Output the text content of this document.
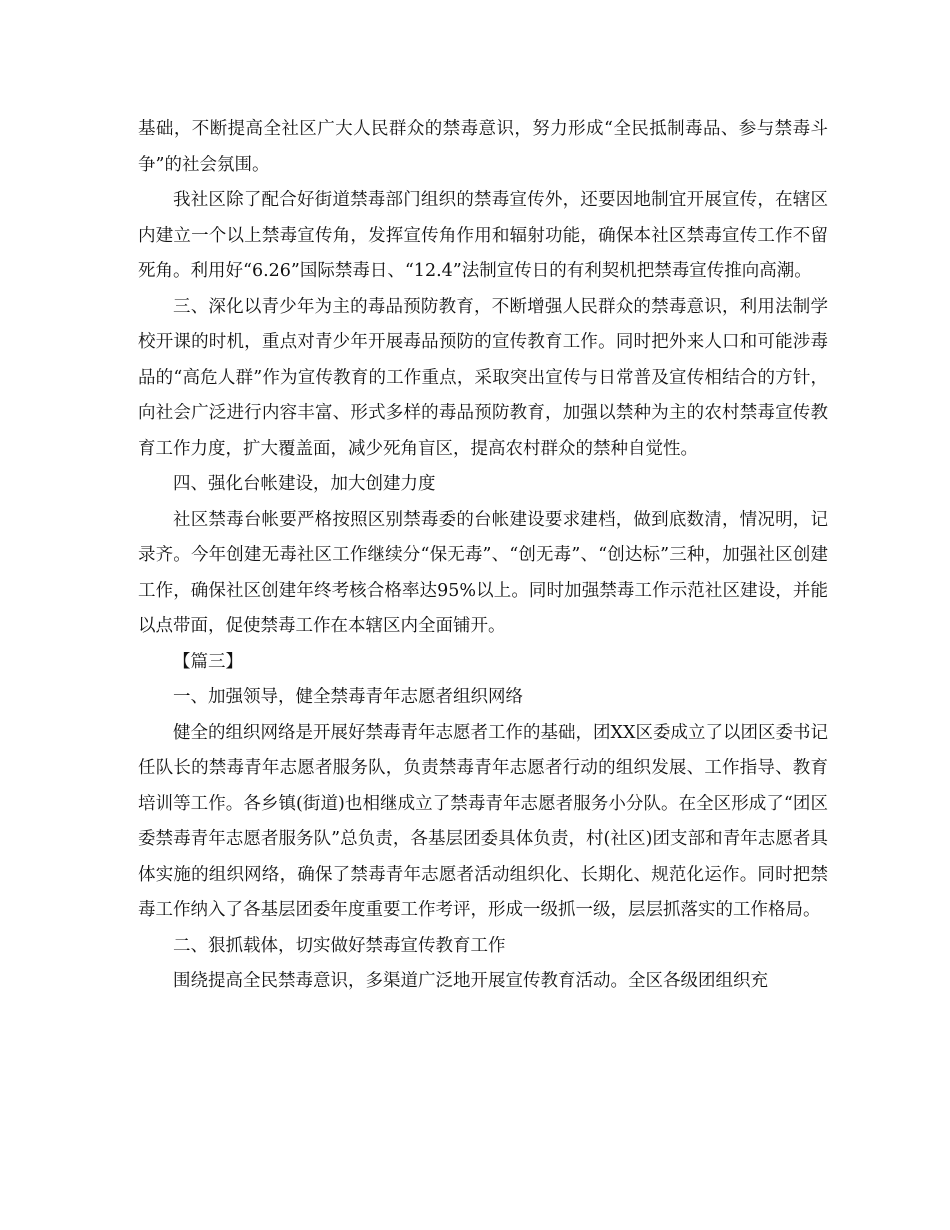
基础，不断提高全社区广大人民群众的禁毒意识，努力形成“全民抵制毒品、参与禁毒斗争”的社会氛围。

我社区除了配合好街道禁毒部门组织的禁毒宣传外，还要因地制宜开展宣传，在辖区内建立一个以上禁毒宣传角，发挥宣传角作用和辐射功能，确保本社区禁毒宣传工作不留死角。利用好“6.26”国际禁毒日、“12.4”法制宣传日的有利契机把禁毒宣传推向高潮。

三、深化以青少年为主的毒品预防教育，不断增强人民群众的禁毒意识，利用法制学校开课的时机，重点对青少年开展毒品预防的宣传教育工作。同时把外来人口和可能涉毒品的“高危人群”作为宣传教育的工作重点，采取突出宣传与日常普及宣传相结合的方针，向社会广泛进行内容丰富、形式多样的毒品预防教育，加强以禁种为主的农村禁毒宣传教育工作力度，扩大覆盖面，减少死角盲区，提高农村群众的禁种自觉性。

四、强化台帐建设，加大创建力度

社区禁毒台帐要严格按照区别禁毒委的台帐建设要求建档，做到底数清，情况明，记录齐。今年创建无毒社区工作继续分“保无毒”、“创无毒”、“创达标”三种，加强社区创建工作，确保社区创建年终考核合格率达95%以上。同时加强禁毒工作示范社区建设，并能以点带面，促使禁毒工作在本辖区内全面铺开。

【篇三】

一、加强领导，健全禁毒青年志愿者组织网络

健全的组织网络是开展好禁毒青年志愿者工作的基础，团XX区委成立了以团区委书记任队长的禁毒青年志愿者服务队，负责禁毒青年志愿者行动的组织发展、工作指导、教育培训等工作。各乡镇(街道)也相继成立了禁毒青年志愿者服务小分队。在全区形成了“团区委禁毒青年志愿者服务队”总负责，各基层团委具体负责，村(社区)团支部和青年志愿者具体实施的组织网络，确保了禁毒青年志愿者活动组织化、长期化、规范化运作。同时把禁毒工作纳入了各基层团委年度重要工作考评，形成一级抓一级，层层抓落实的工作格局。

二、狠抓载体，切实做好禁毒宣传教育工作

围绕提高全民禁毒意识，多渠道广泛地开展宣传教育活动。全区各级团组织充
